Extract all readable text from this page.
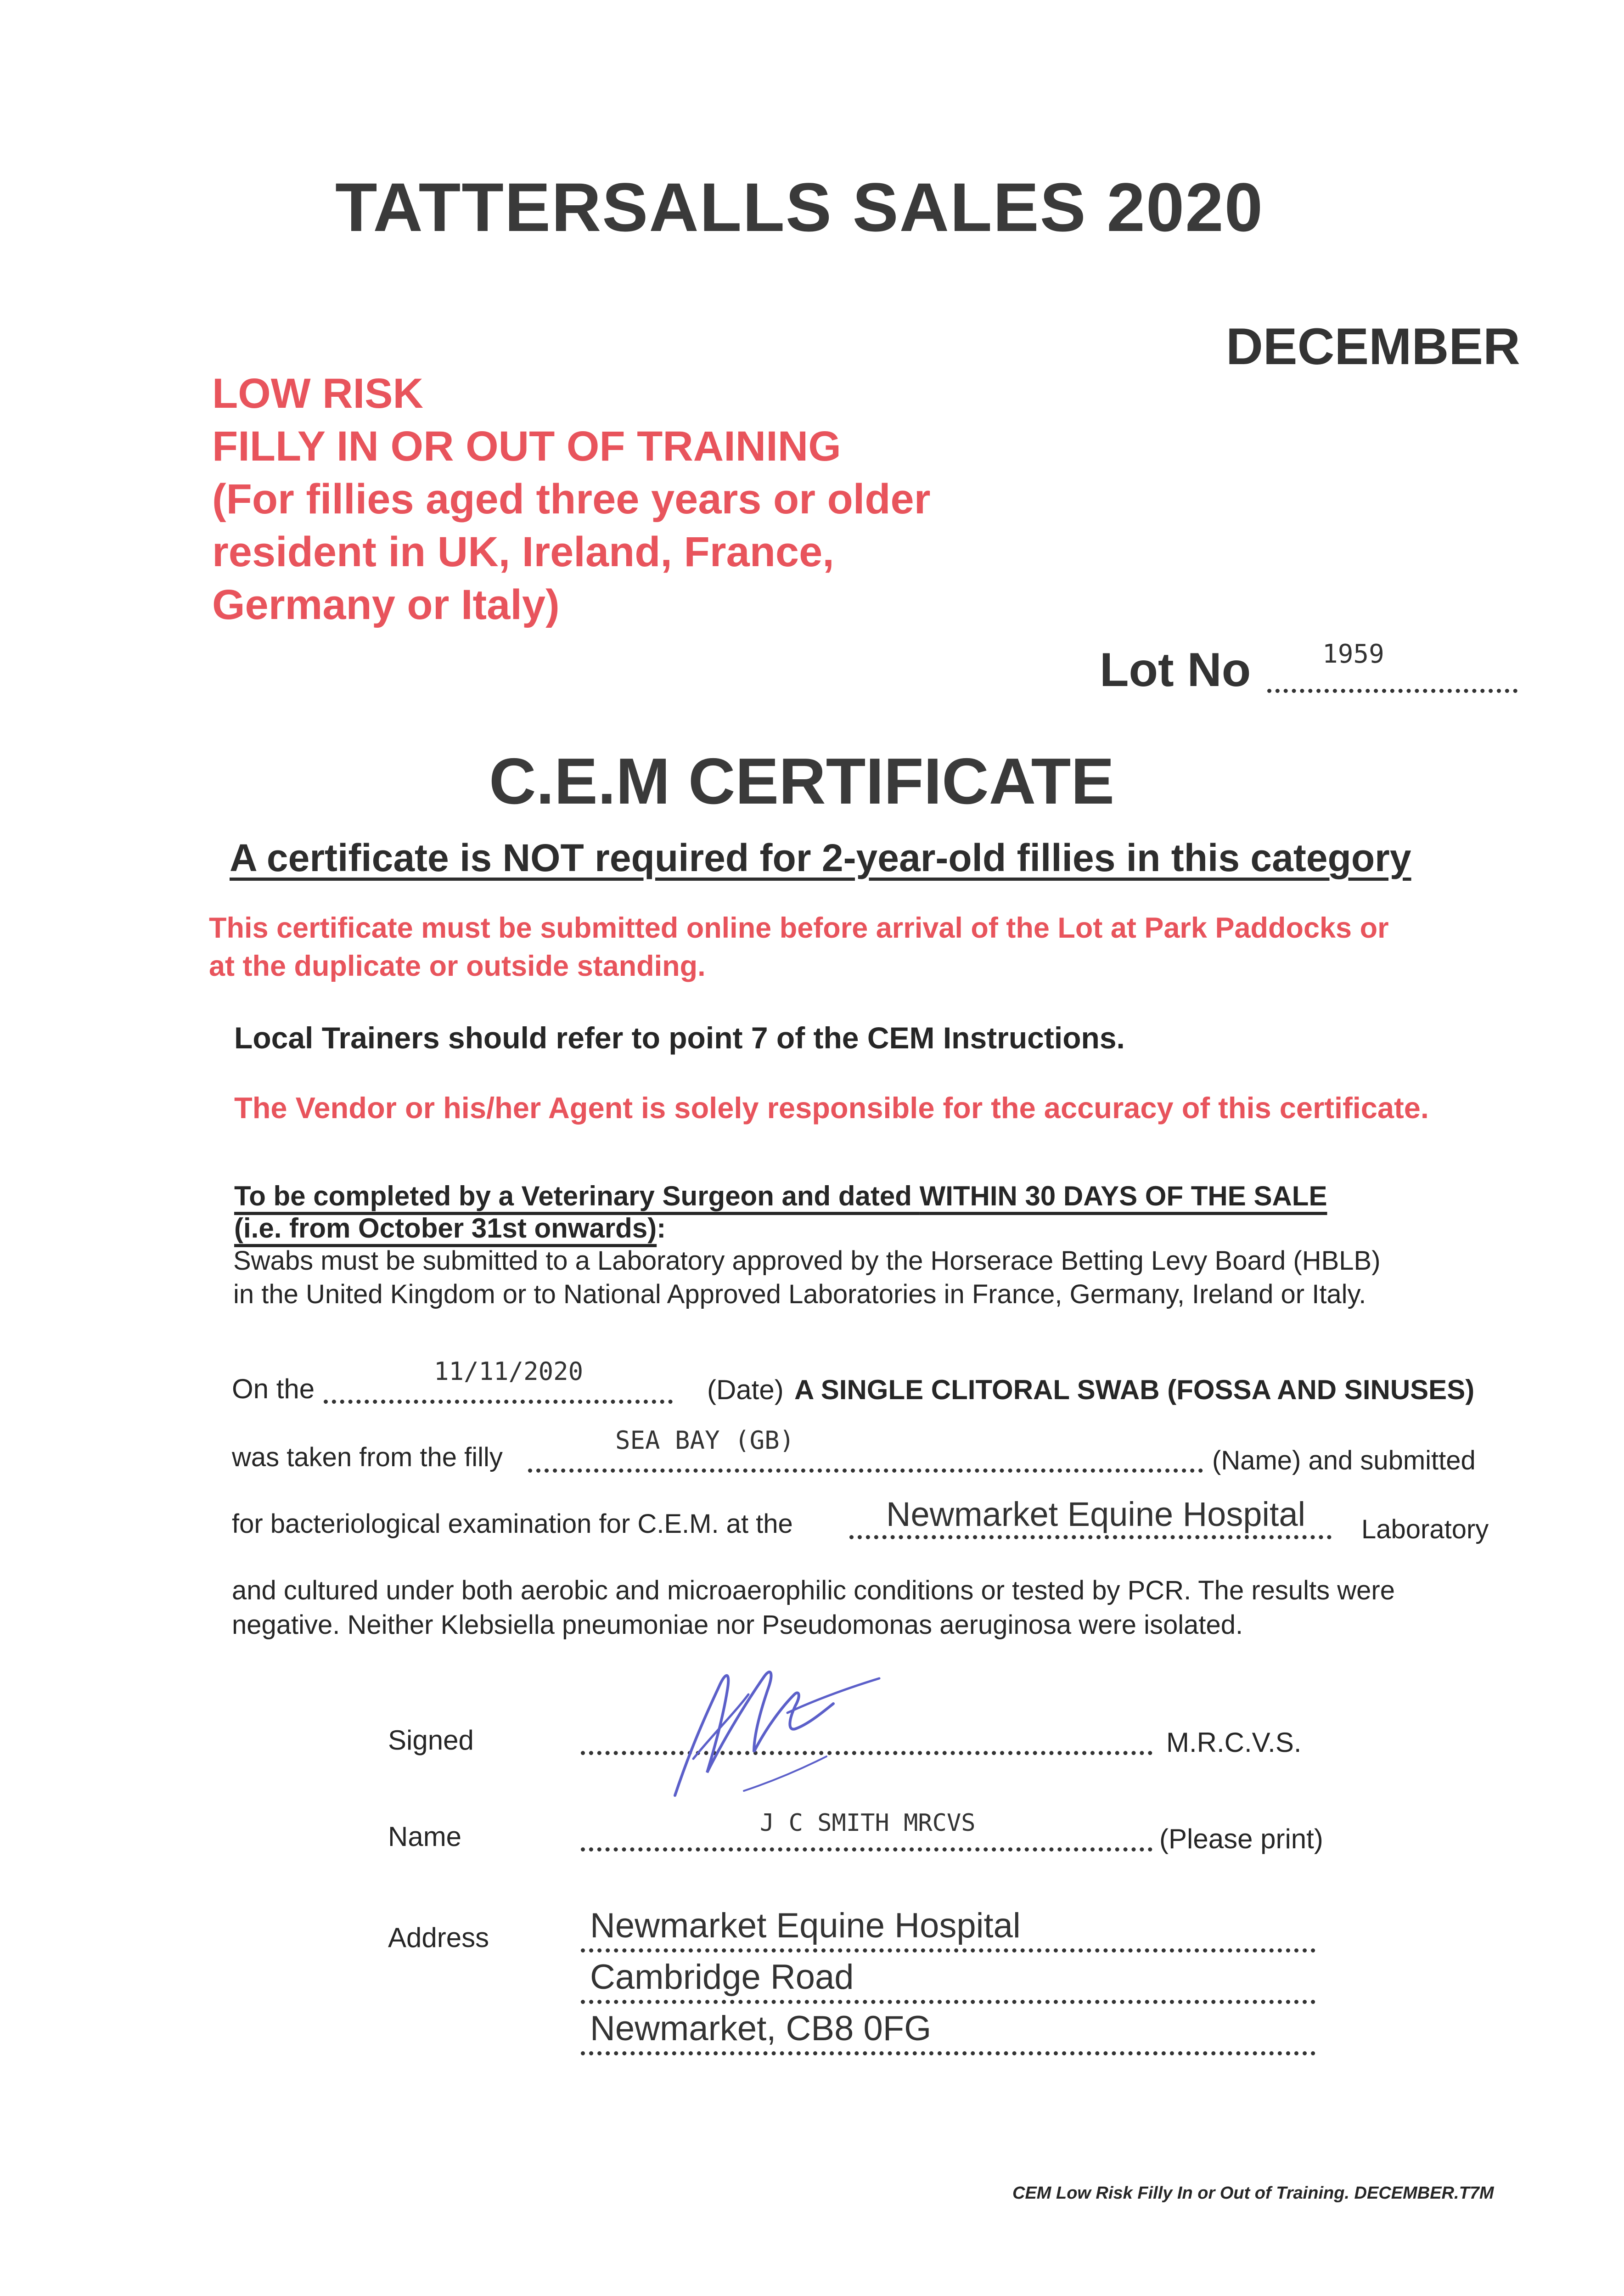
TATTERSALLS SALES 2020
DECEMBER
LOW RISK
FILLY IN OR OUT OF TRAINING
(For fillies aged three years or older
resident in UK, Ireland, France,
Germany or Italy)
Lot No	1959
C.E.M CERTIFICATE
A certificate is NOT required for 2-year-old fillies in this category
This certificate must be submitted online before arrival of the Lot at Park Paddocks or
at the duplicate or outside standing.
Local Trainers should refer to point 7 of the CEM Instructions.
The Vendor or his/her Agent is solely responsible for the accuracy of this certificate.
To be completed by a Veterinary Surgeon and dated WITHIN 30 DAYS OF THE SALE
(i.e. from October 31st onwards):
Swabs must be submitted to a Laboratory approved by the Horserace Betting Levy Board (HBLB)
in the United Kingdom or to National Approved Laboratories in France, Germany, Ireland or Italy.
On the
11/11/2020
(Date) A SINGLE CLITORAL SWAB (FOSSA AND SINUSES)
was taken from the filly
SEA BAY (GB)
(Name) and submitted
for bacteriological examination for C.E.M. at the	Newmarket Equine Hospital Laboratory
and cultured under both aerobic and microaerophilic conditions or tested by PCR. The results were
negative. Neither Klebsiella pneumoniae nor Pseudomonas aeruginosa were isolated.
Signed	M.R.C.V.S.
Name	J C SMITH MRCVS
(Please print)
Address	Newmarket Equine Hospital
Cambridge Road
Newmarket, CB8 0FG
CEM Low Risk Filly In or Out of Training. DECEMBER.T7M
